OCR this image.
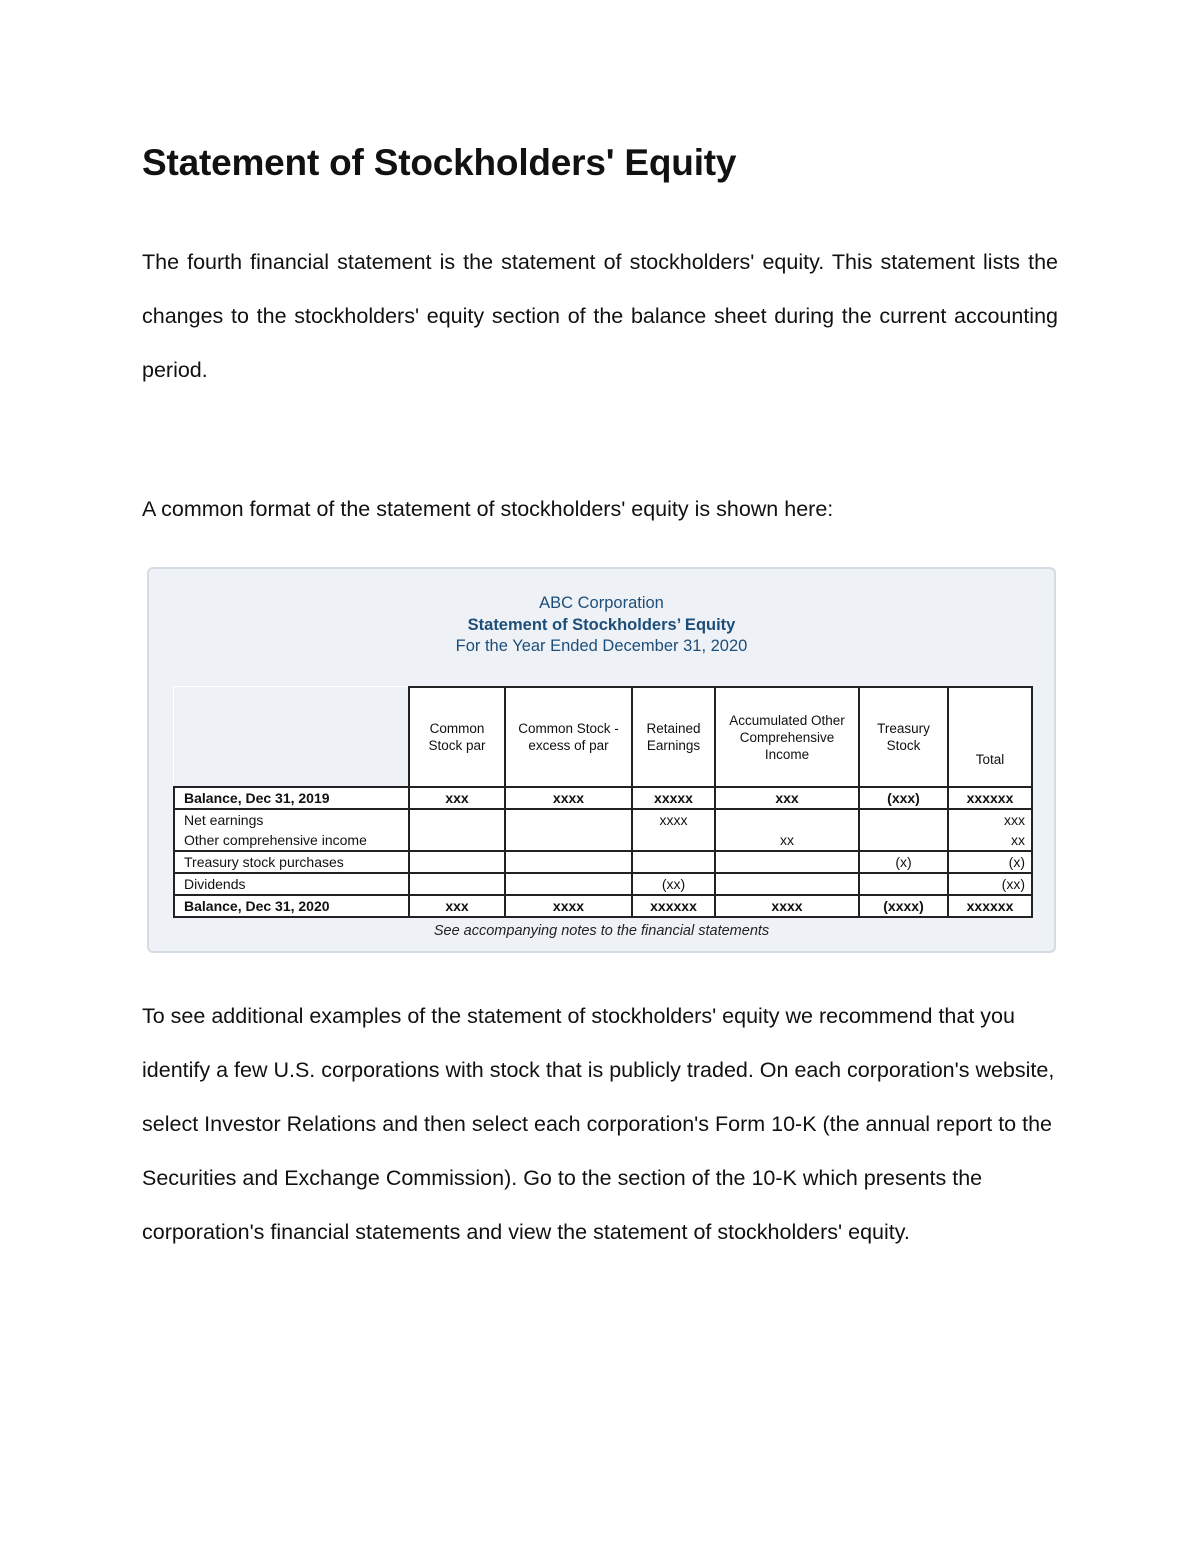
Statement of Stockholders' Equity

The fourth financial statement is the statement of stockholders' equity. This statement lists the changes to the stockholders' equity section of the balance sheet during the current accounting period.

A common format of the statement of stockholders' equity is shown here:

ABC Corporation
Statement of Stockholders’ Equity
For the Year Ended December 31, 2020
	Common Stock par	Common Stock - excess of par	Retained Earnings	Accumulated Other Comprehensive Income	Treasury Stock	Total
Balance, Dec 31, 2019	xxx	xxxx	xxxxx	xxx	(xxx)	xxxxxx
Net earnings			xxxx			xxx
Other comprehensive income				xx		xx
Treasury stock purchases					(x)	(x)
Dividends			(xx)			(xx)
Balance, Dec 31, 2020	xxx	xxxx	xxxxxx	xxxx	(xxxx)	xxxxxx
See accompanying notes to the financial statements

To see additional examples of the statement of stockholders' equity we recommend that you identify a few U.S. corporations with stock that is publicly traded. On each corporation's website, select Investor Relations and then select each corporation's Form 10-K (the annual report to the Securities and Exchange Commission). Go to the section of the 10-K which presents the corporation's financial statements and view the statement of stockholders' equity.
